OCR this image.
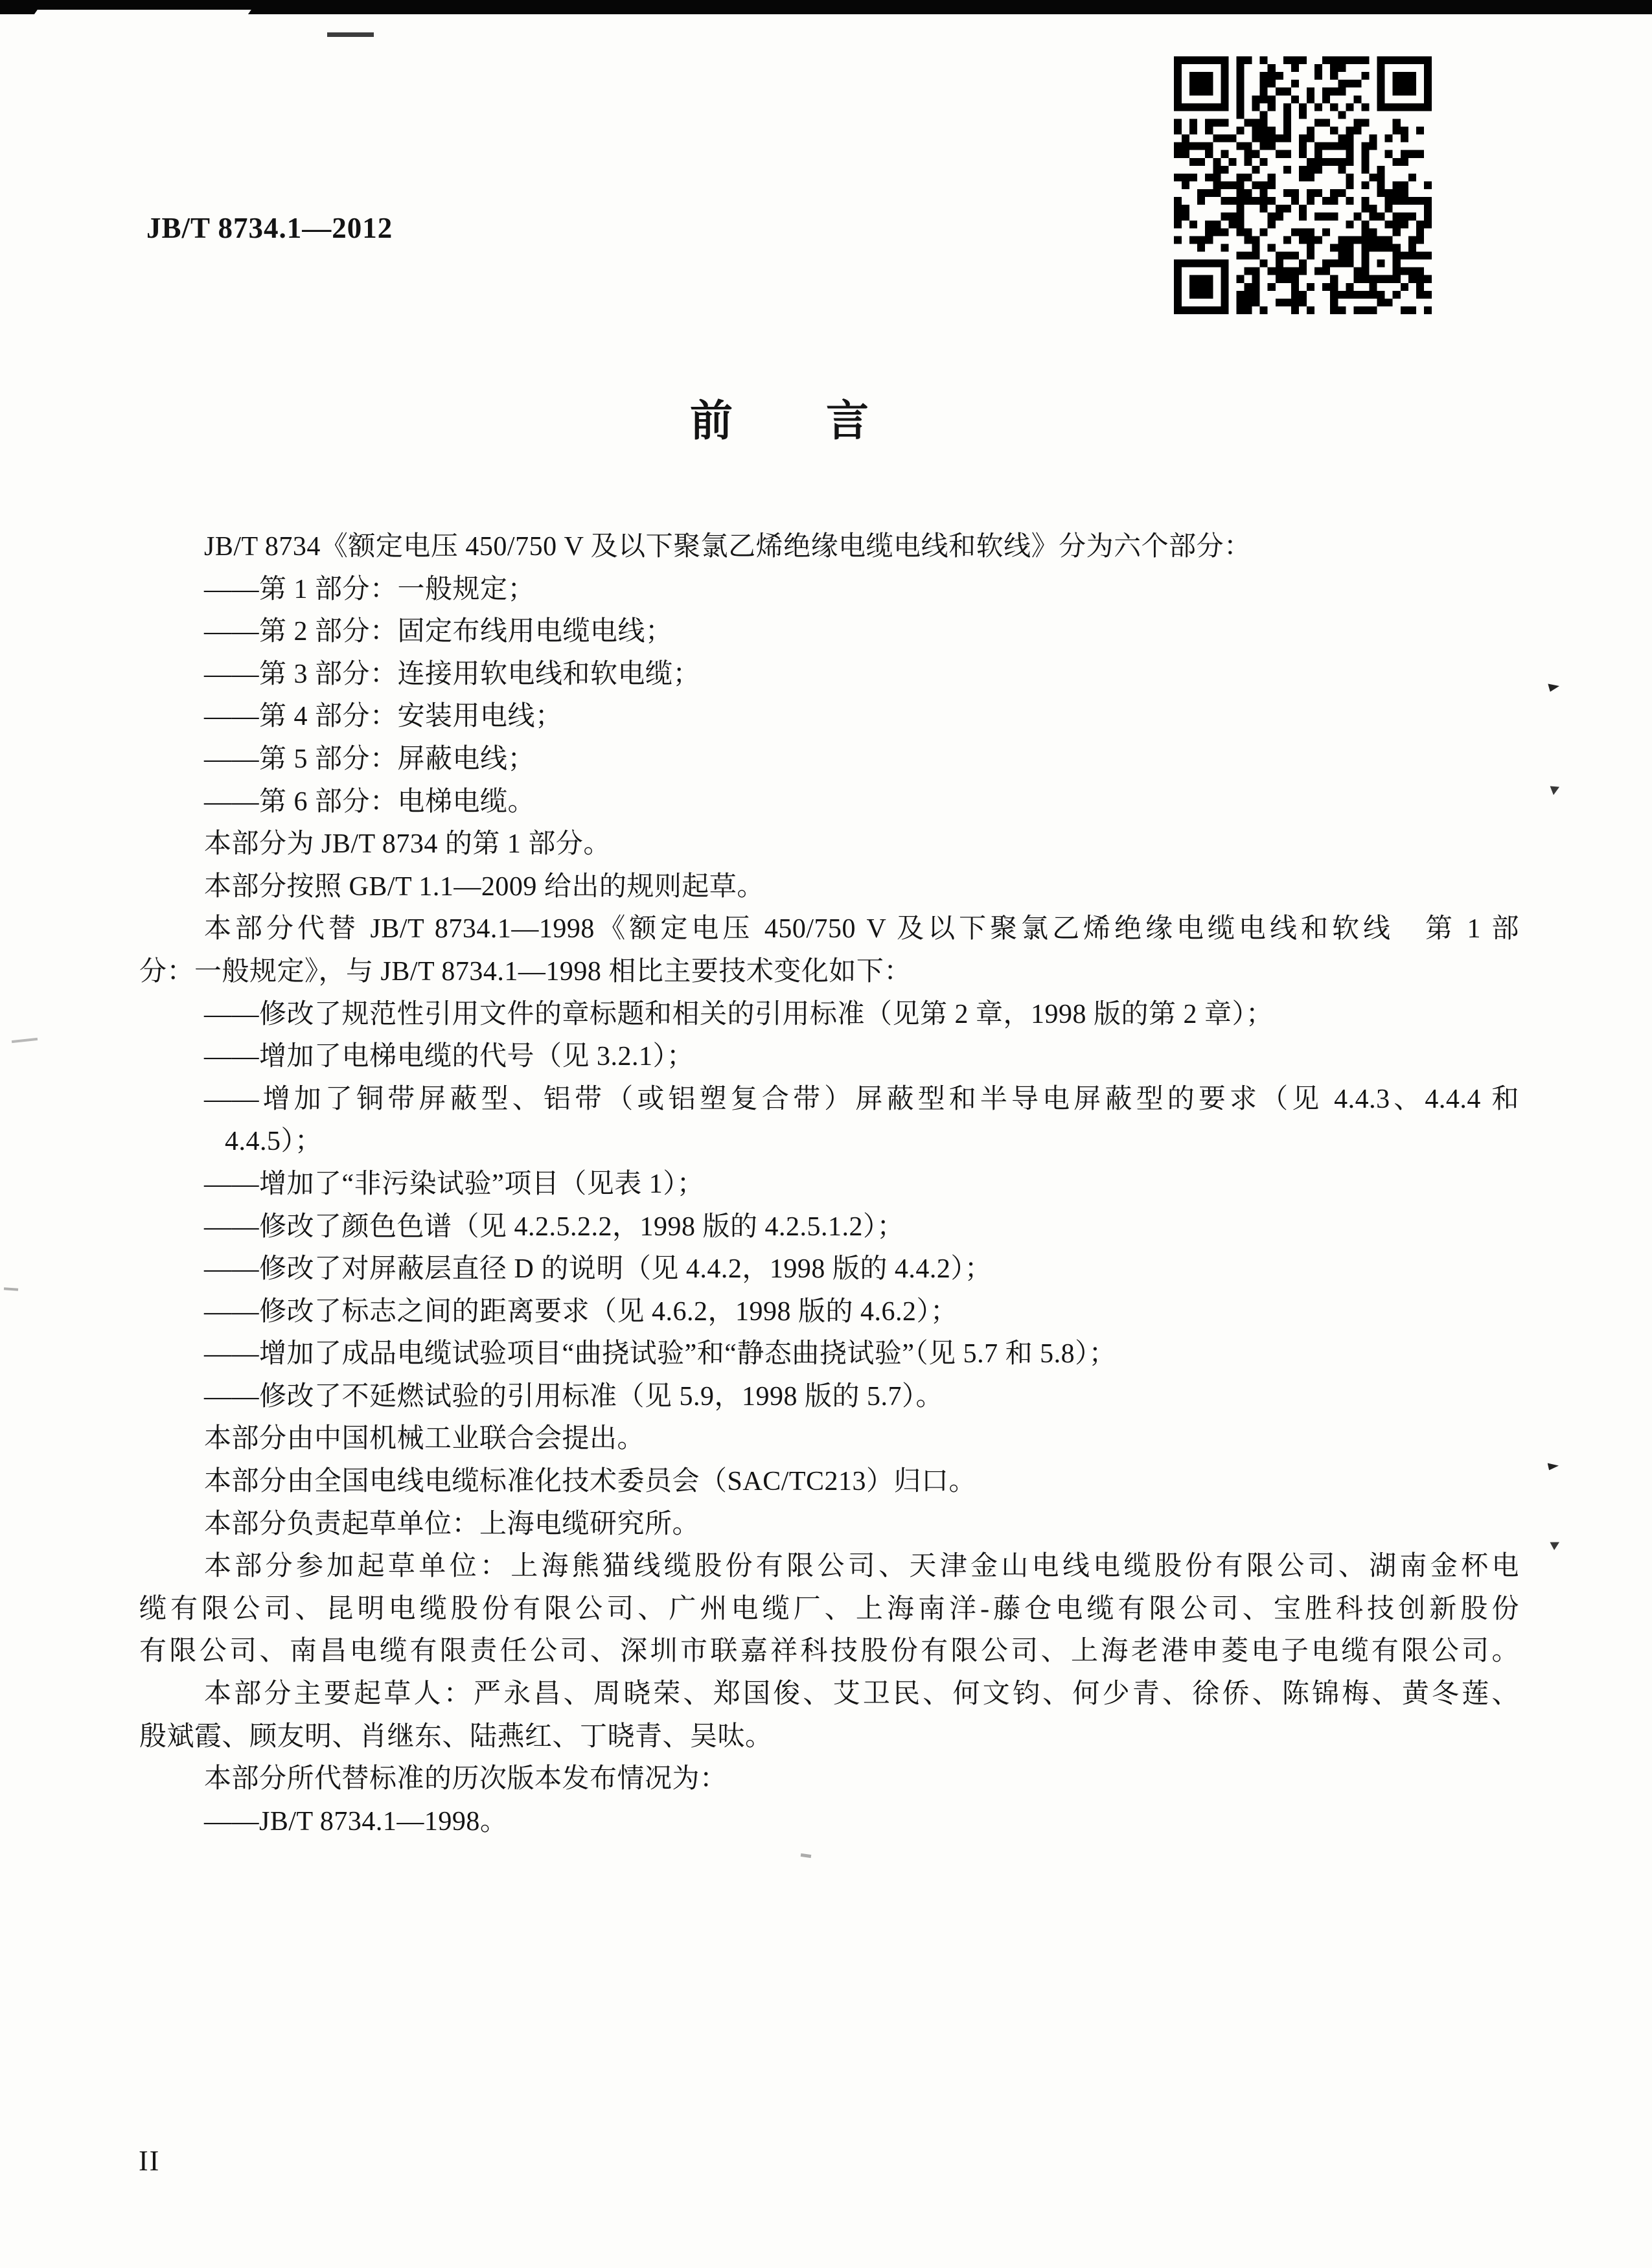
JB/T 8734.1—2012
前　　言
JB/T 8734《额定电压 450/750 V 及以下聚氯乙烯绝缘电缆电线和软线》分为六个部分：
——第 1 部分：一般规定；
——第 2 部分：固定布线用电缆电线；
——第 3 部分：连接用软电线和软电缆；
——第 4 部分：安装用电线；
——第 5 部分：屏蔽电线；
——第 6 部分：电梯电缆。
本部分为 JB/T 8734 的第 1 部分。
本部分按照 GB/T 1.1—2009 给出的规则起草。
本部分代替 JB/T 8734.1—1998《额定电压 450/750 V 及以下聚氯乙烯绝缘电缆电线和软线　第 1 部
分：一般规定》，与 JB/T 8734.1—1998 相比主要技术变化如下：
——修改了规范性引用文件的章标题和相关的引用标准（见第 2 章，1998 版的第 2 章）；
——增加了电梯电缆的代号（见 3.2.1）；
——增加了铜带屏蔽型、铝带（或铝塑复合带）屏蔽型和半导电屏蔽型的要求（见 4.4.3、4.4.4 和
4.4.5）；
——增加了“非污染试验”项目（见表 1）；
——修改了颜色色谱（见 4.2.5.2.2，1998 版的 4.2.5.1.2）；
——修改了对屏蔽层直径 D 的说明（见 4.4.2，1998 版的 4.4.2）；
——修改了标志之间的距离要求（见 4.6.2，1998 版的 4.6.2）；
——增加了成品电缆试验项目“曲挠试验”和“静态曲挠试验”（见 5.7 和 5.8）；
——修改了不延燃试验的引用标准（见 5.9，1998 版的 5.7）。
本部分由中国机械工业联合会提出。
本部分由全国电线电缆标准化技术委员会（SAC/TC213）归口。
本部分负责起草单位：上海电缆研究所。
本部分参加起草单位：上海熊猫线缆股份有限公司、天津金山电线电缆股份有限公司、湖南金杯电
缆有限公司、昆明电缆股份有限公司、广州电缆厂、上海南洋-藤仓电缆有限公司、宝胜科技创新股份
有限公司、南昌电缆有限责任公司、深圳市联嘉祥科技股份有限公司、上海老港申菱电子电缆有限公司。
本部分主要起草人：严永昌、周晓荣、郑国俊、艾卫民、何文钧、何少青、徐侨、陈锦梅、黄冬莲、
殷斌霞、顾友明、肖继东、陆燕红、丁晓青、吴呔。
本部分所代替标准的历次版本发布情况为：
——JB/T 8734.1—1998。
II
